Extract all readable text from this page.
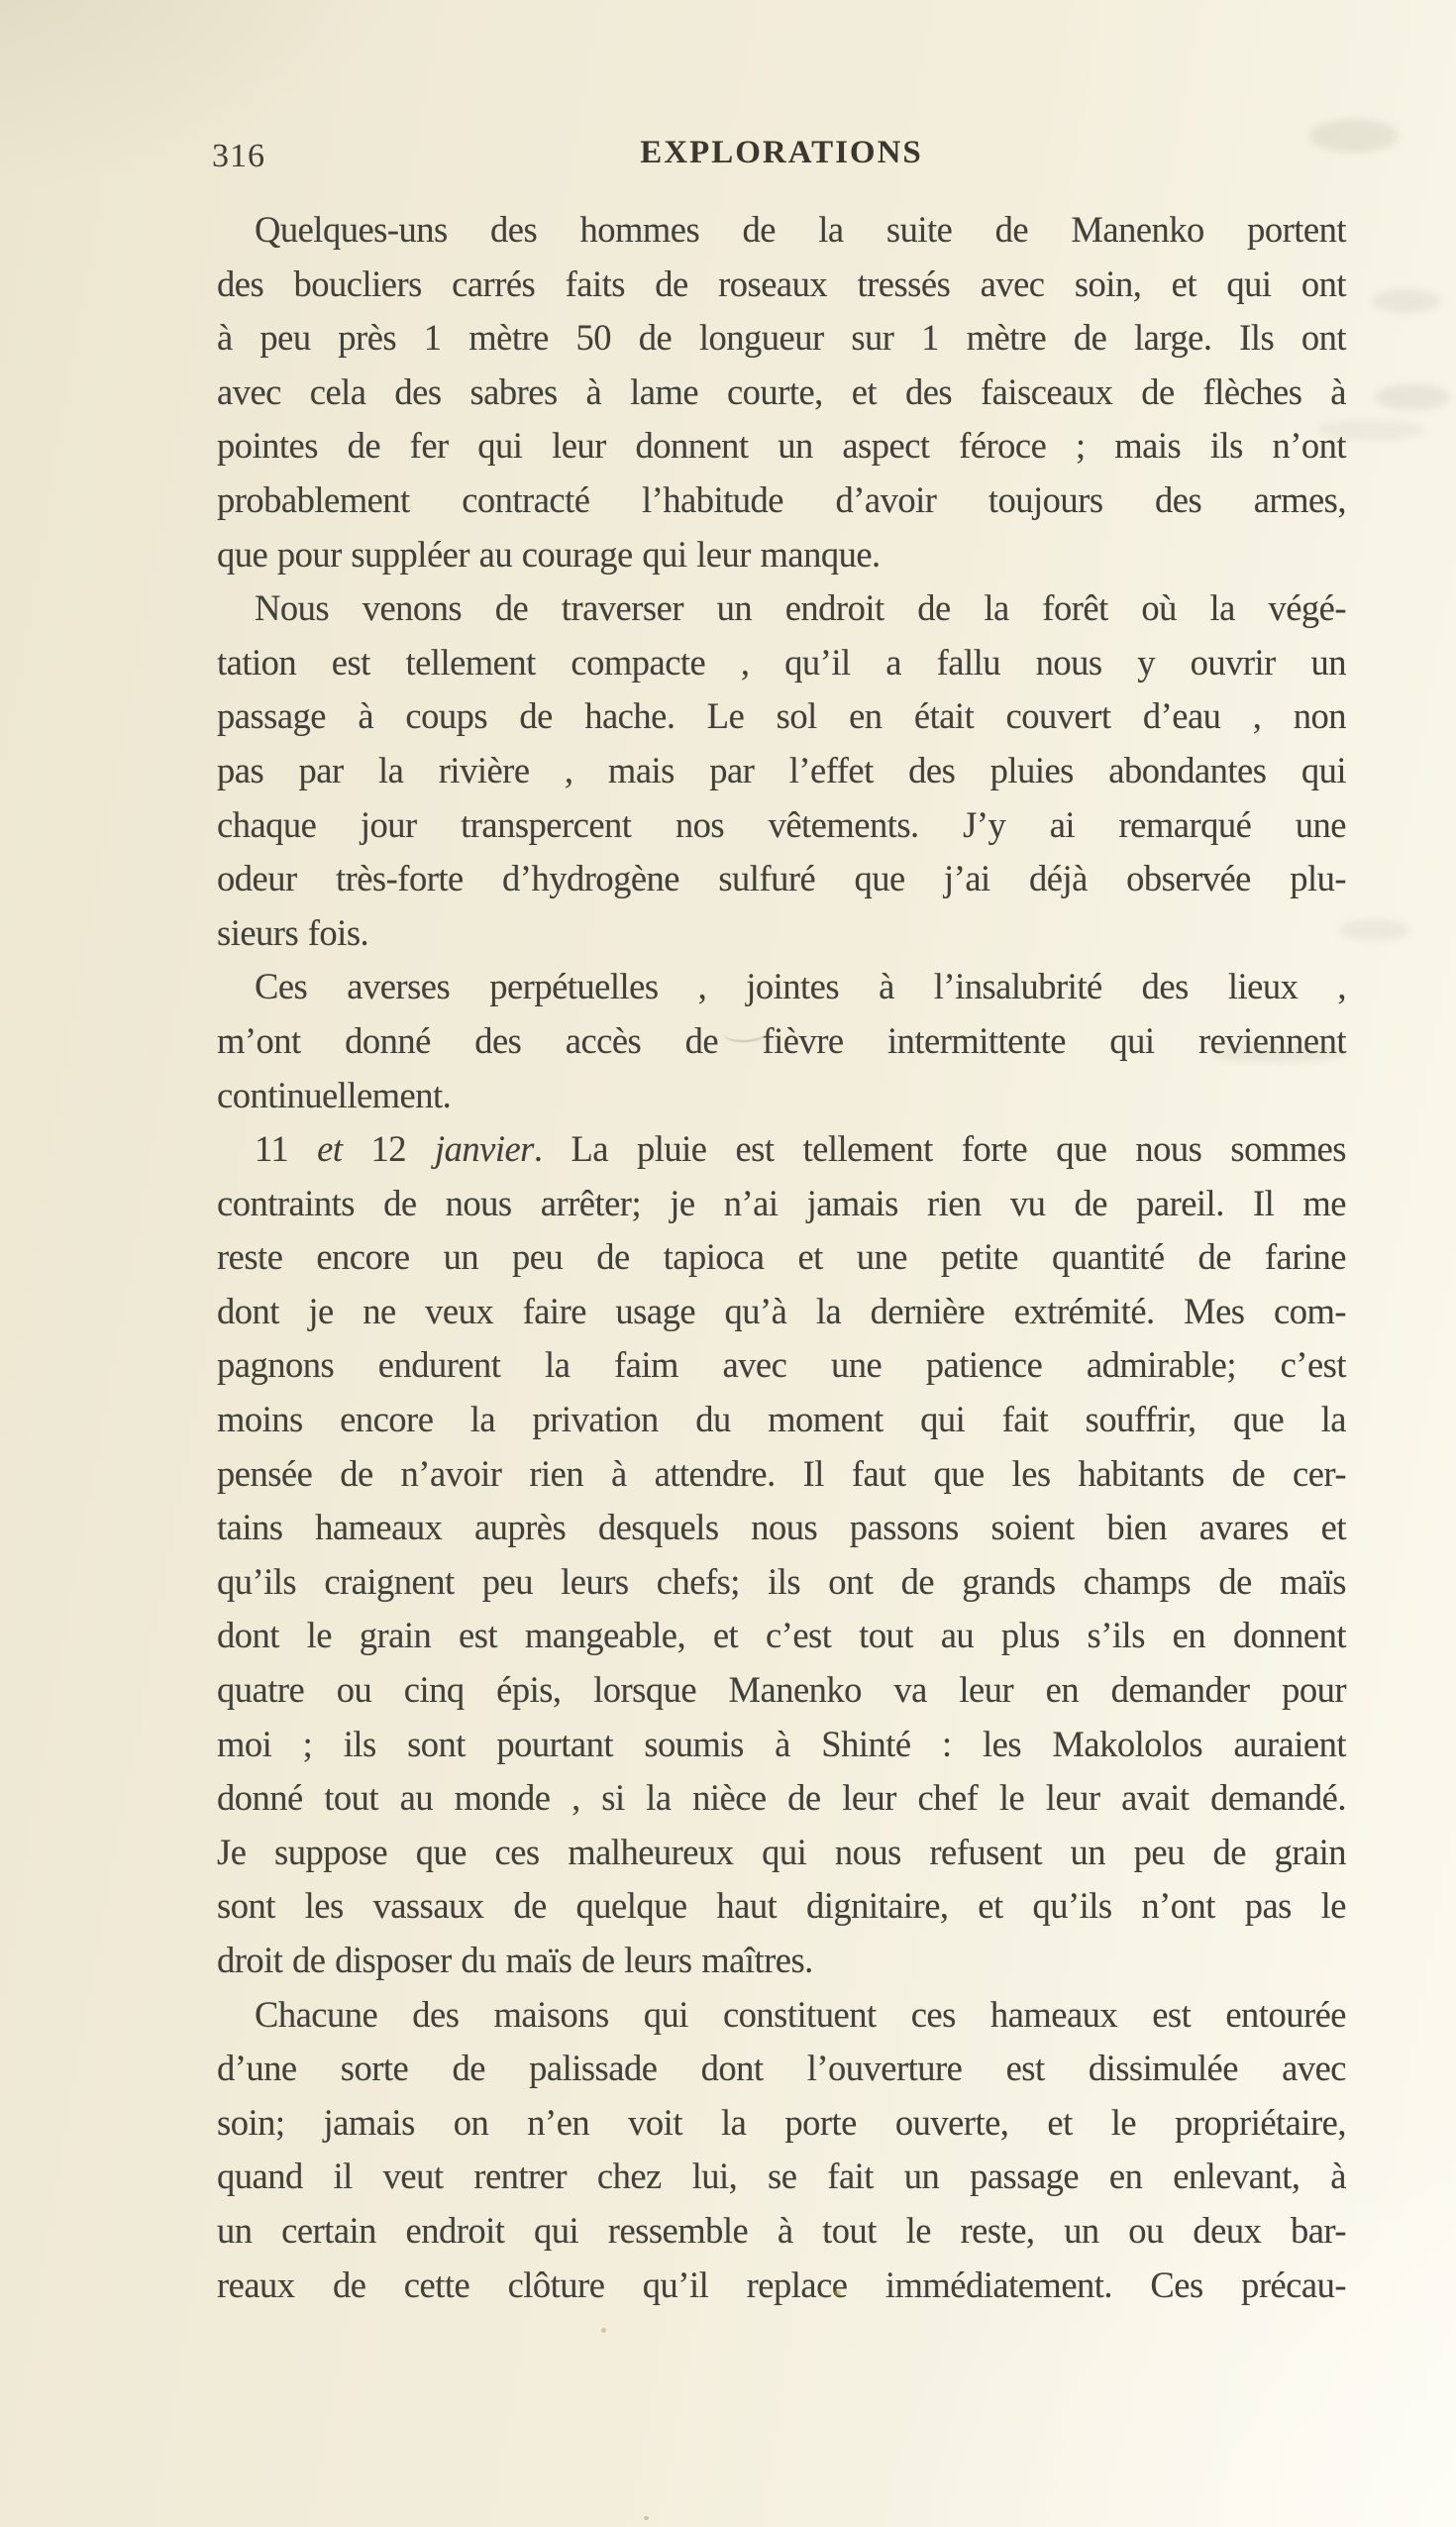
316	EXPLORATIONS
Quelques-uns des hommes de la suite de Manenko portent
des boucliers carrés faits de roseaux tressés avec soin, et qui ont
à peu près 1 mètre 50 de longueur sur 1 mètre de large. Ils ont
avec cela des sabres à lame courte, et des faisceaux de flèches à
pointes de fer qui leur donnent un aspect féroce ; mais ils n’ont
probablement contracté l’habitude d’avoir toujours des armes,
que pour suppléer au courage qui leur manque.
Nous venons de traverser un endroit de la forêt où la végé-
tation est tellement compacte , qu’il a fallu nous y ouvrir un
passage à coups de hache. Le sol en était couvert d’eau , non
pas par la rivière , mais par l’effet des pluies abondantes qui
chaque jour transpercent nos vêtements. J’y ai remarqué une
odeur très-forte d’hydrogène sulfuré que j’ai déjà observée plu-
sieurs fois.
Ces averses perpétuelles , jointes à l’insalubrité des lieux ,
m’ont donné des accès de fièvre intermittente qui reviennent
continuellement.
11 et 12 janvier. La pluie est tellement forte que nous sommes
contraints de nous arrêter; je n’ai jamais rien vu de pareil. Il me
reste encore un peu de tapioca et une petite quantité de farine
dont je ne veux faire usage qu’à la dernière extrémité. Mes com-
pagnons endurent la faim avec une patience admirable; c’est
moins encore la privation du moment qui fait souffrir, que la
pensée de n’avoir rien à attendre. Il faut que les habitants de cer-
tains hameaux auprès desquels nous passons soient bien avares et
qu’ils craignent peu leurs chefs; ils ont de grands champs de maïs
dont le grain est mangeable, et c’est tout au plus s’ils en donnent
quatre ou cinq épis, lorsque Manenko va leur en demander pour
moi ; ils sont pourtant soumis à Shinté : les Makololos auraient
donné tout au monde , si la nièce de leur chef le leur avait demandé.
Je suppose que ces malheureux qui nous refusent un peu de grain
sont les vassaux de quelque haut dignitaire, et qu’ils n’ont pas le
droit de disposer du maïs de leurs maîtres.
Chacune des maisons qui constituent ces hameaux est entourée
d’une sorte de palissade dont l’ouverture est dissimulée avec
soin; jamais on n’en voit la porte ouverte, et le propriétaire,
quand il veut rentrer chez lui, se fait un passage en enlevant, à
un certain endroit qui ressemble à tout le reste, un ou deux bar-
reaux de cette clôture qu’il replace immédiatement. Ces précau-
